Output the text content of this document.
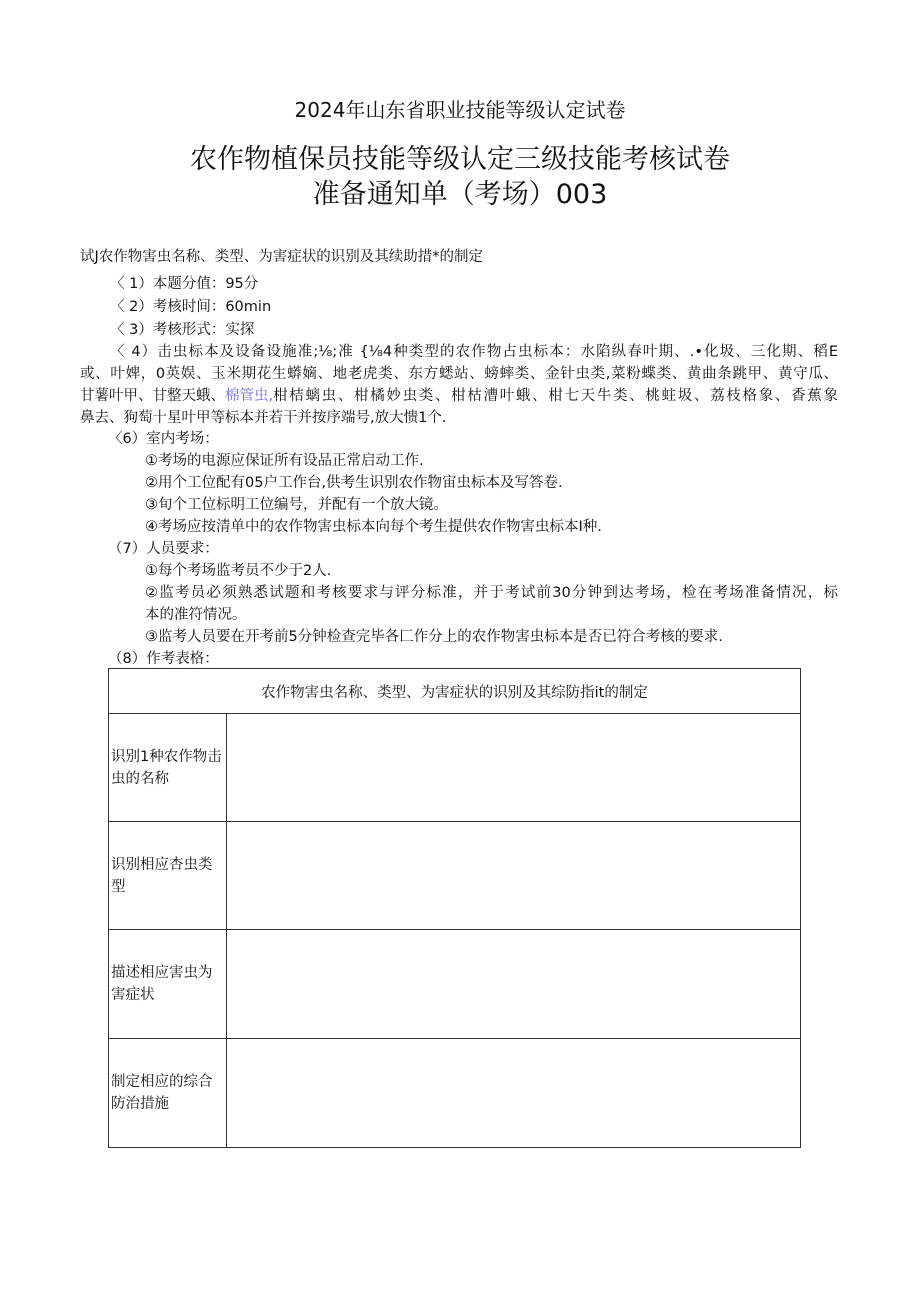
2024年山东省职业技能等级认定试卷
农作物植保员技能等级认定三级技能考核试卷
准备通知单（考场）003
试J农作物害虫名称、类型、为害症状的识别及其续助措*的制定
〈 1）本题分值：95分
〈 2）考核时间：60min
〈 3）考核形式：实探
〈 4）击虫标本及设备设施准;⅛;准 {⅛4种类型的农作物占虫标本：水陷纵春叶期、.•化圾、三化期、稻E
或、叶婢，0英娱、玉米期花生蟒嫡、地老虎类、东方蟋站、螃蟀类、金针虫类,菜粉蝶类、黄曲条跳甲、黄守瓜、
甘薯叶甲、甘整天蛾、 棉管虫, 柑桔螭虫、柑橘妙虫类、柑枯漕叶蛾、柑七天牛类、桃蛀圾、荔枝格象、香蕉象
鼻去、狗萄十星叶甲等标本并若干并按序端号,放大愦1个.
〈6）室内考场：
①考场的电源应保证所有设品正常启动工作.
②用个工位配有05户工作台,供考生识别农作物宙虫标本及写答卷.
③旬个工位标明工位编号，并配有一个放大镜。
④考场应按清单中的农作物害虫标本向每个考生提供农作物害虫标本I种.
（7）人员要求：
①每个考场监考员不少于2人.
②监考员必须熟悉试题和考核要求与评分标准，并于考试前30分钟到达考场，检在考场准备情况，标
本的准符情况。
③监考人员要在开考前5分钟检查完毕各匚作分上的农作物害虫标本是否已符合考核的要求.
（8）作考表格：
农作物害虫名称、类型、为害症状的识别及其综防指it的制定	
识别1种农作物击虫的名称	
识别相应杏虫类型	
描述相应害虫为害症状	
制定相应的综合防治措施	
